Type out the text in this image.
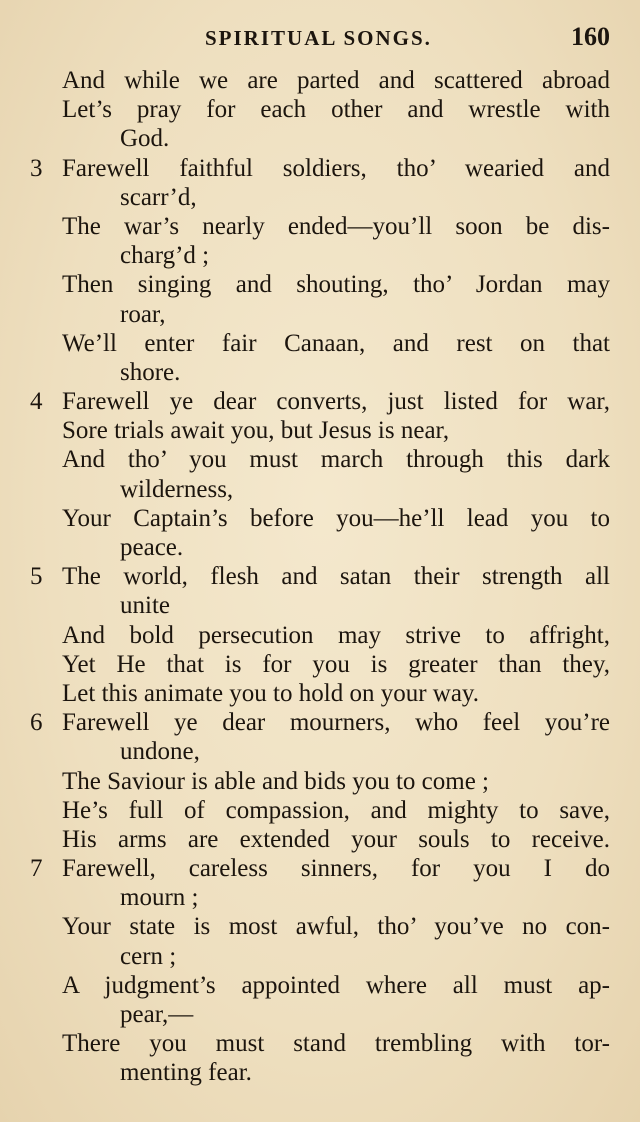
SPIRITUAL SONGS.	160
And while we are parted and scattered abroad
Let’s pray for each other and wrestle with
God.
3 Farewell faithful soldiers, tho’ wearied and
scarr’d,
The war’s nearly ended—you’ll soon be dis-
charg’d ;
Then singing and shouting, tho’ Jordan may
roar,
We’ll enter fair Canaan, and rest on that
shore.
4 Farewell ye dear converts, just listed for war,
Sore trials await you, but Jesus is near,
And tho’ you must march through this dark
wilderness,
Your Captain’s before you—he’ll lead you to
peace.
5 The world, flesh and satan their strength all
unite
And bold persecution may strive to affright,
Yet He that is for you is greater than they,
Let this animate you to hold on your way.
6 Farewell ye dear mourners, who feel you’re
undone,
The Saviour is able and bids you to come ;
He’s full of compassion, and mighty to save,
His arms are extended your souls to receive.
7 Farewell, careless sinners, for you I do
mourn ;
Your state is most awful, tho’ you’ve no con-
cern ;
A judgment’s appointed where all must ap-
pear,—
There you must stand trembling with tor-
menting fear.
